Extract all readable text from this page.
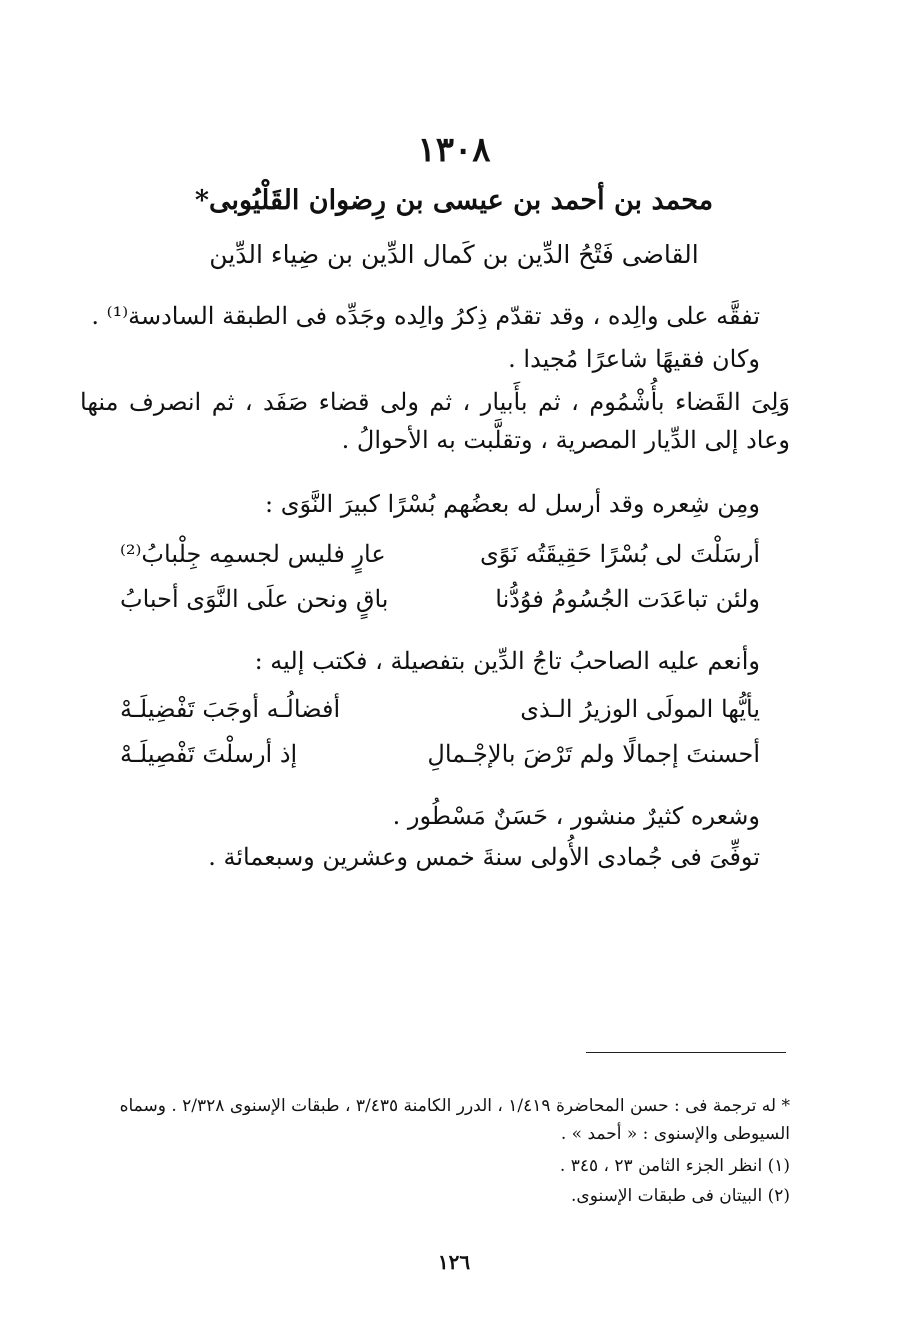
١٣٠٨
محمد بن أحمد بن عيسى بن رِضوان القَلْيُوبى*
القاضى فَتْحُ الدِّين بن كَمال الدِّين بن ضِياء الدِّين

تفقَّه على والِده ، وقد تقدّم ذِكرُ والِده وجَدِّه فى الطبقة السادسة⁽¹⁾ .

وكان فقيهًا شاعرًا مُجيدا .

وَلِىَ القَضاء بأُشْمُوم ، ثم بأَبيار ، ثم ولى قضاء صَفَد ، ثم انصرف منها وعاد إلى الدِّيار المصرية ، وتقلَّبت به الأحوالُ .

ومِن شِعره وقد أرسل له بعضُهم بُسْرًا كبيرَ النَّوَى :

أرسَلْتَ لى بُسْرًا حَقِيقَتُه نَوًى
عارٍ فليس لجسمِه جِلْبابُ⁽²⁾
ولئن تباعَدَت الجُسُومُ فوُدُّنا
باقٍ ونحن علَى النَّوَى أحبابُ

وأنعم عليه الصاحبُ تاجُ الدِّين بتفصيلة ، فكتب إليه :

يأيُّها المولَى الوزيرُ الـذى
أفضالُـه أوجَبَ تَفْضِيلَـهْ
أحسنتَ إجمالًا ولم تَرْضَ بالإجْـمالِ
إذ أرسلْتَ تَفْصِيلَـهْ

وشعره كثيرٌ منشور ، حَسَنٌ مَسْطُور .

توفِّىَ فى جُمادى الأُولى سنةَ خمس وعشرين وسبعمائة .

* له ترجمة فى : حسن المحاضرة ١/٤١٩ ، الدرر الكامنة ٣/٤٣٥ ، طبقات الإسنوى ٢/٣٢٨ . وسماه السيوطى والإسنوى : « أحمد » .

(١) انظر الجزء الثامن ٢٣ ، ٣٤٥ .

(٢) البيتان فى طبقات الإسنوى.

١٢٦
